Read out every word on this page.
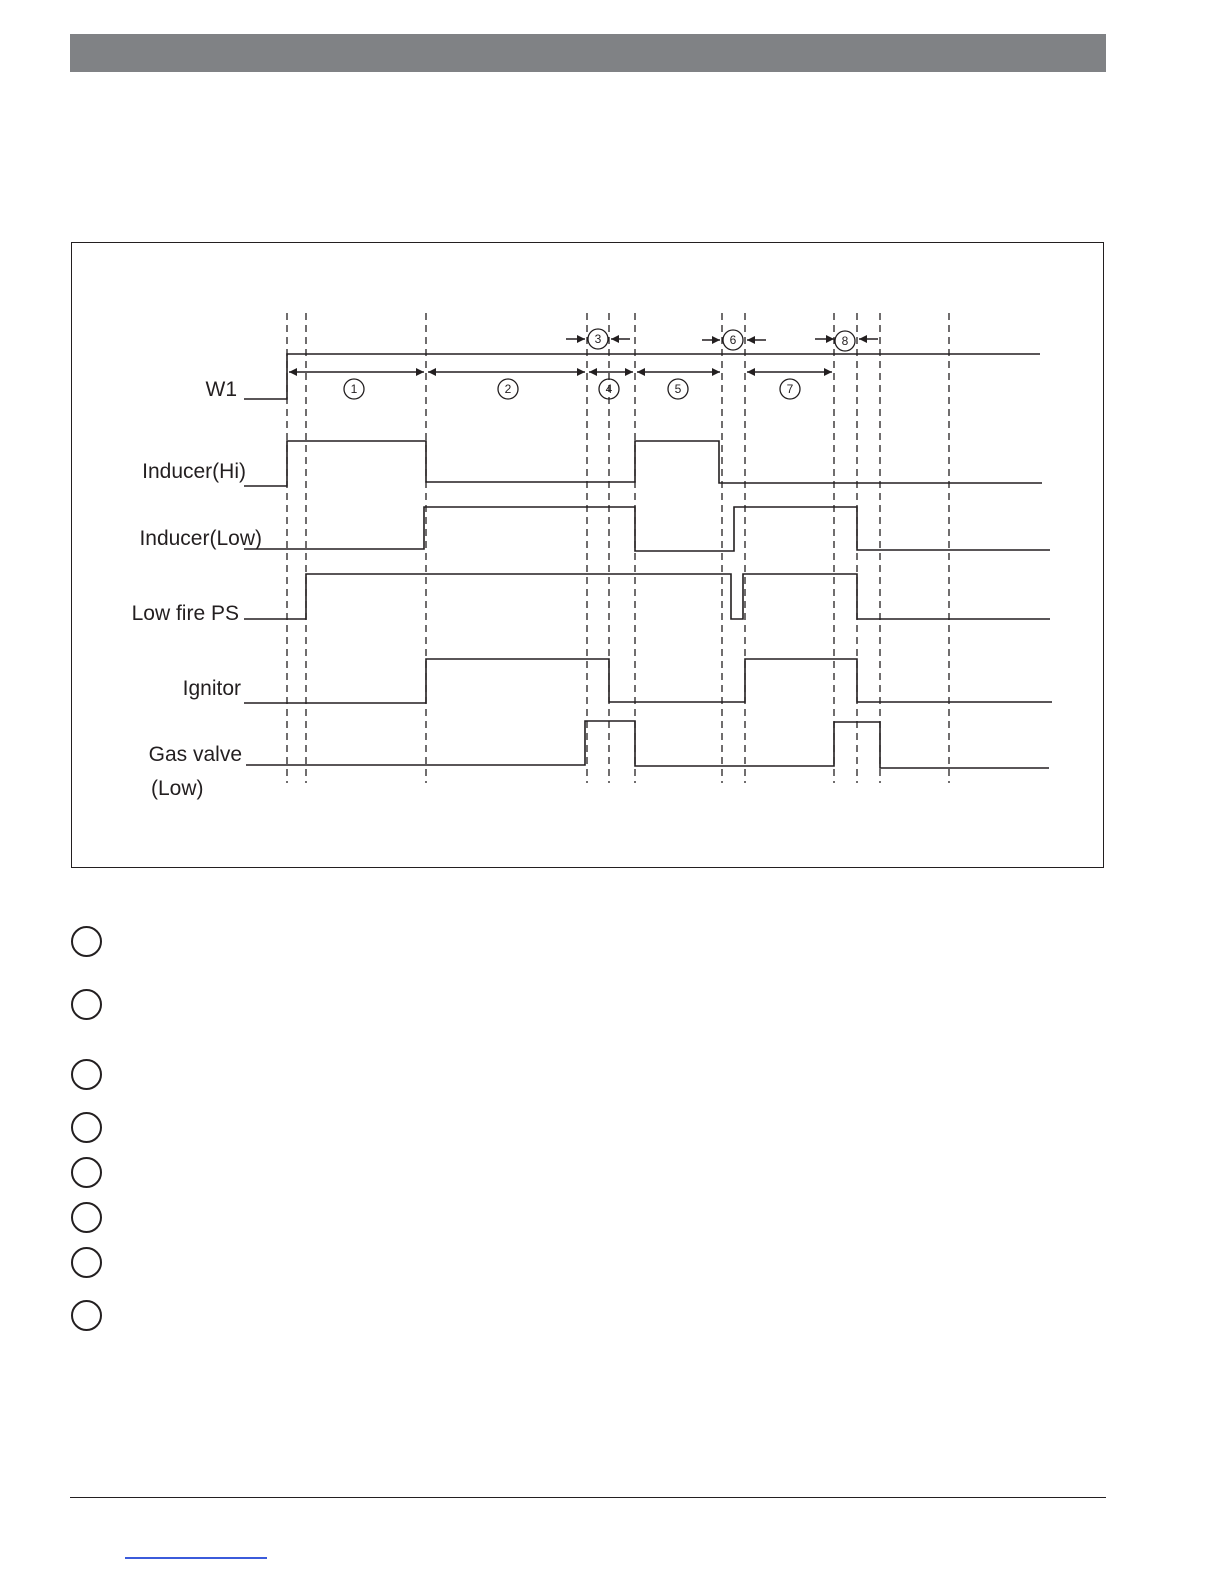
1	2
3
4	5
6
7
8
W1
Inducer(Hi)
Inducer(Low)
Low fire PS
Ignitor
Gas valve
(Low)
